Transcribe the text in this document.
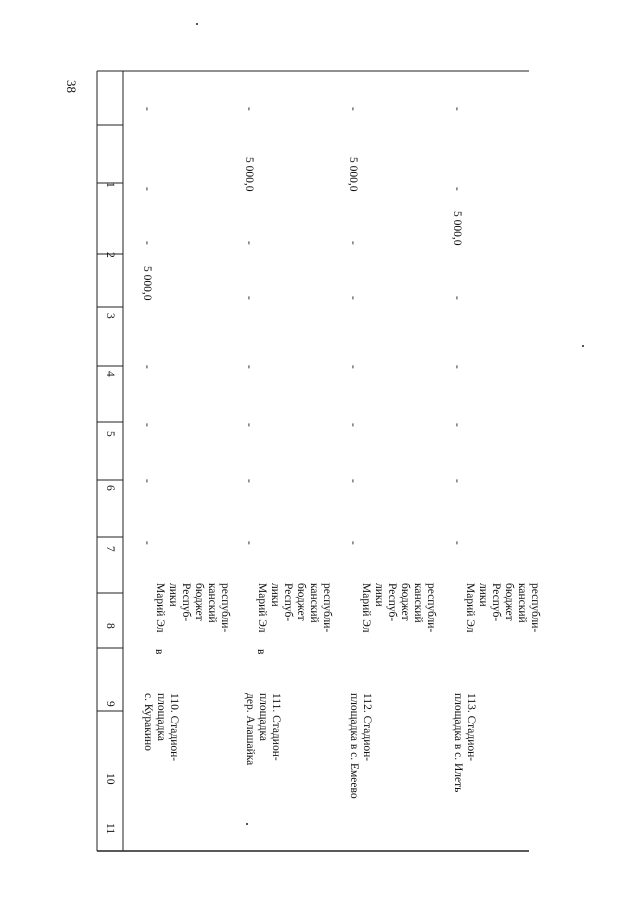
38
1
2
3
4
5
6
7
8
9
10
11
110. Стадион-
площадка
с. Куракино
в
республи-
канский
бюджет
Респуб-
лики
Марий Эл
-
-
-
-
5 000,0
-
-
-
111. Стадион-
площадка
дер. Алашайка
в
республи-
канский
бюджет
Респуб-
лики
Марий Эл
-
-
-
-
-
-
5 000,0
-
112. Стадион-
площадка в с. Емеево
республи-
канский
бюджет
Респуб-
лики
Марий Эл
-
-
-
-
-
-
5 000,0
-
113. Стадион-
площадка в с. Илеть
республи-
канский
бюджет
Респуб-
лики
Марий Эл
-
-
-
-
-
5 000,0
-
-
